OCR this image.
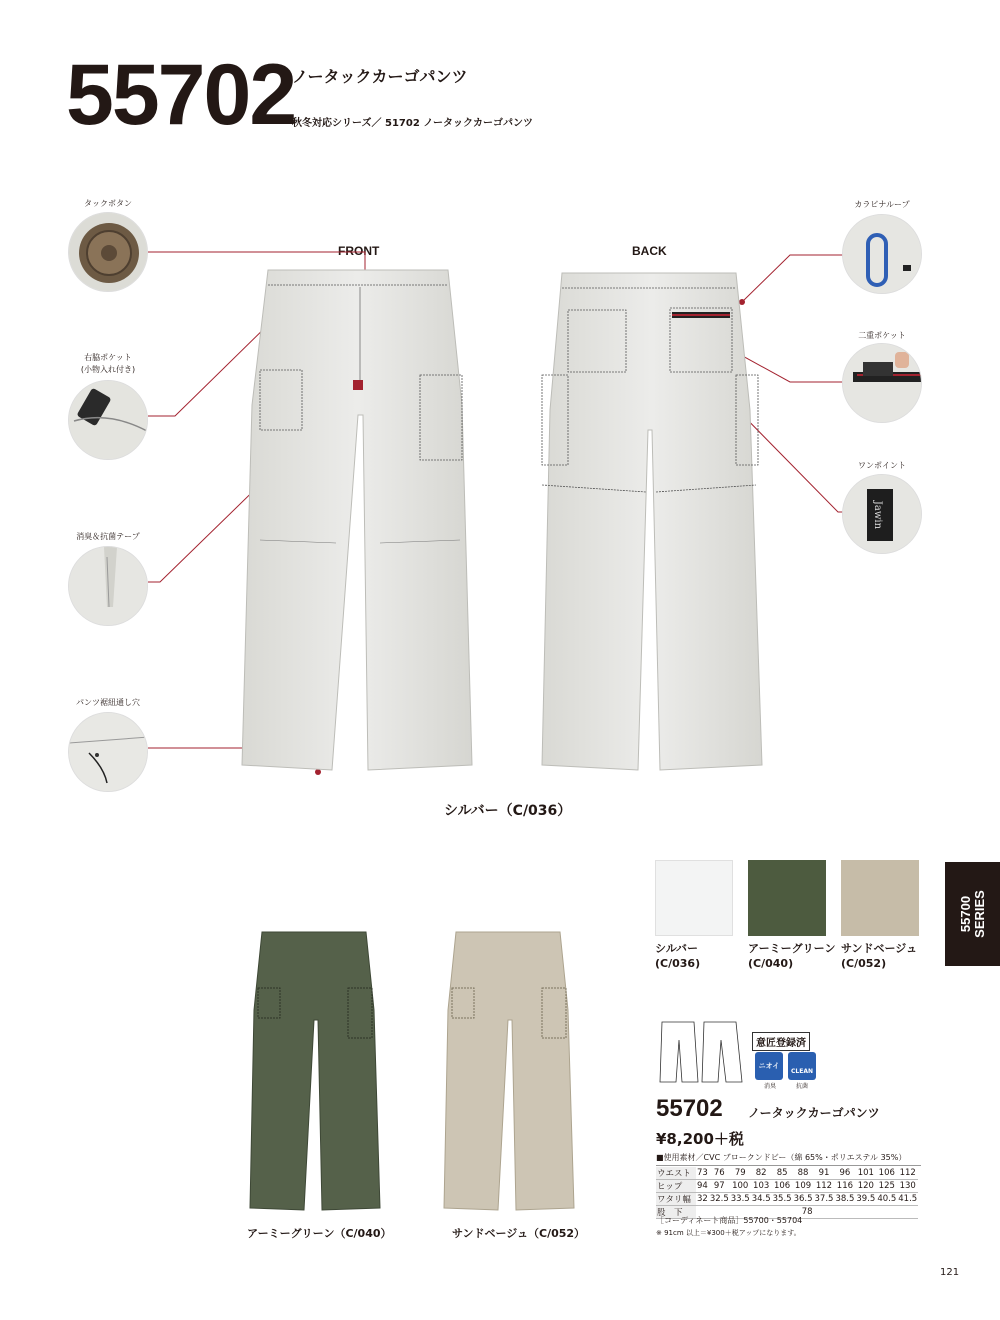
55702
ノータックカーゴパンツ
秋冬対応シリーズ／ 51702 ノータックカーゴパンツ
FRONT	BACK
タックボタン
右脇ポケット
(小物入れ付き)
消臭＆抗菌テープ
パンツ裾紐通し穴
カラビナループ
二重ポケット
ワンポイント
Jawin
シルバー（C/036）
アーミーグリーン（C/040）	サンドベージュ（C/052）
シルバー
(C/036)
アーミーグリーン
(C/040)
サンドベージュ
(C/052)
55700 SERIES
意匠登録済
ニオイ
消臭
CLEAN
抗菌
55702 ノータックカーゴパンツ
¥8,200＋税
■使用素材／CVC ブロークンドビー（綿 65%・ポリエステル 35%）
ウエスト	73	76	79	82	85	88	91	96	101	106	112
ヒップ	94	97	100	103	106	109	112	116	120	125	130
ワタリ幅	32	32.5	33.5	34.5	35.5	36.5	37.5	38.5	39.5	40.5	41.5
股　下	78										
［コーディネート商品］55700・55704
※ 91cm 以上＝¥300＋税アップになります。
121
